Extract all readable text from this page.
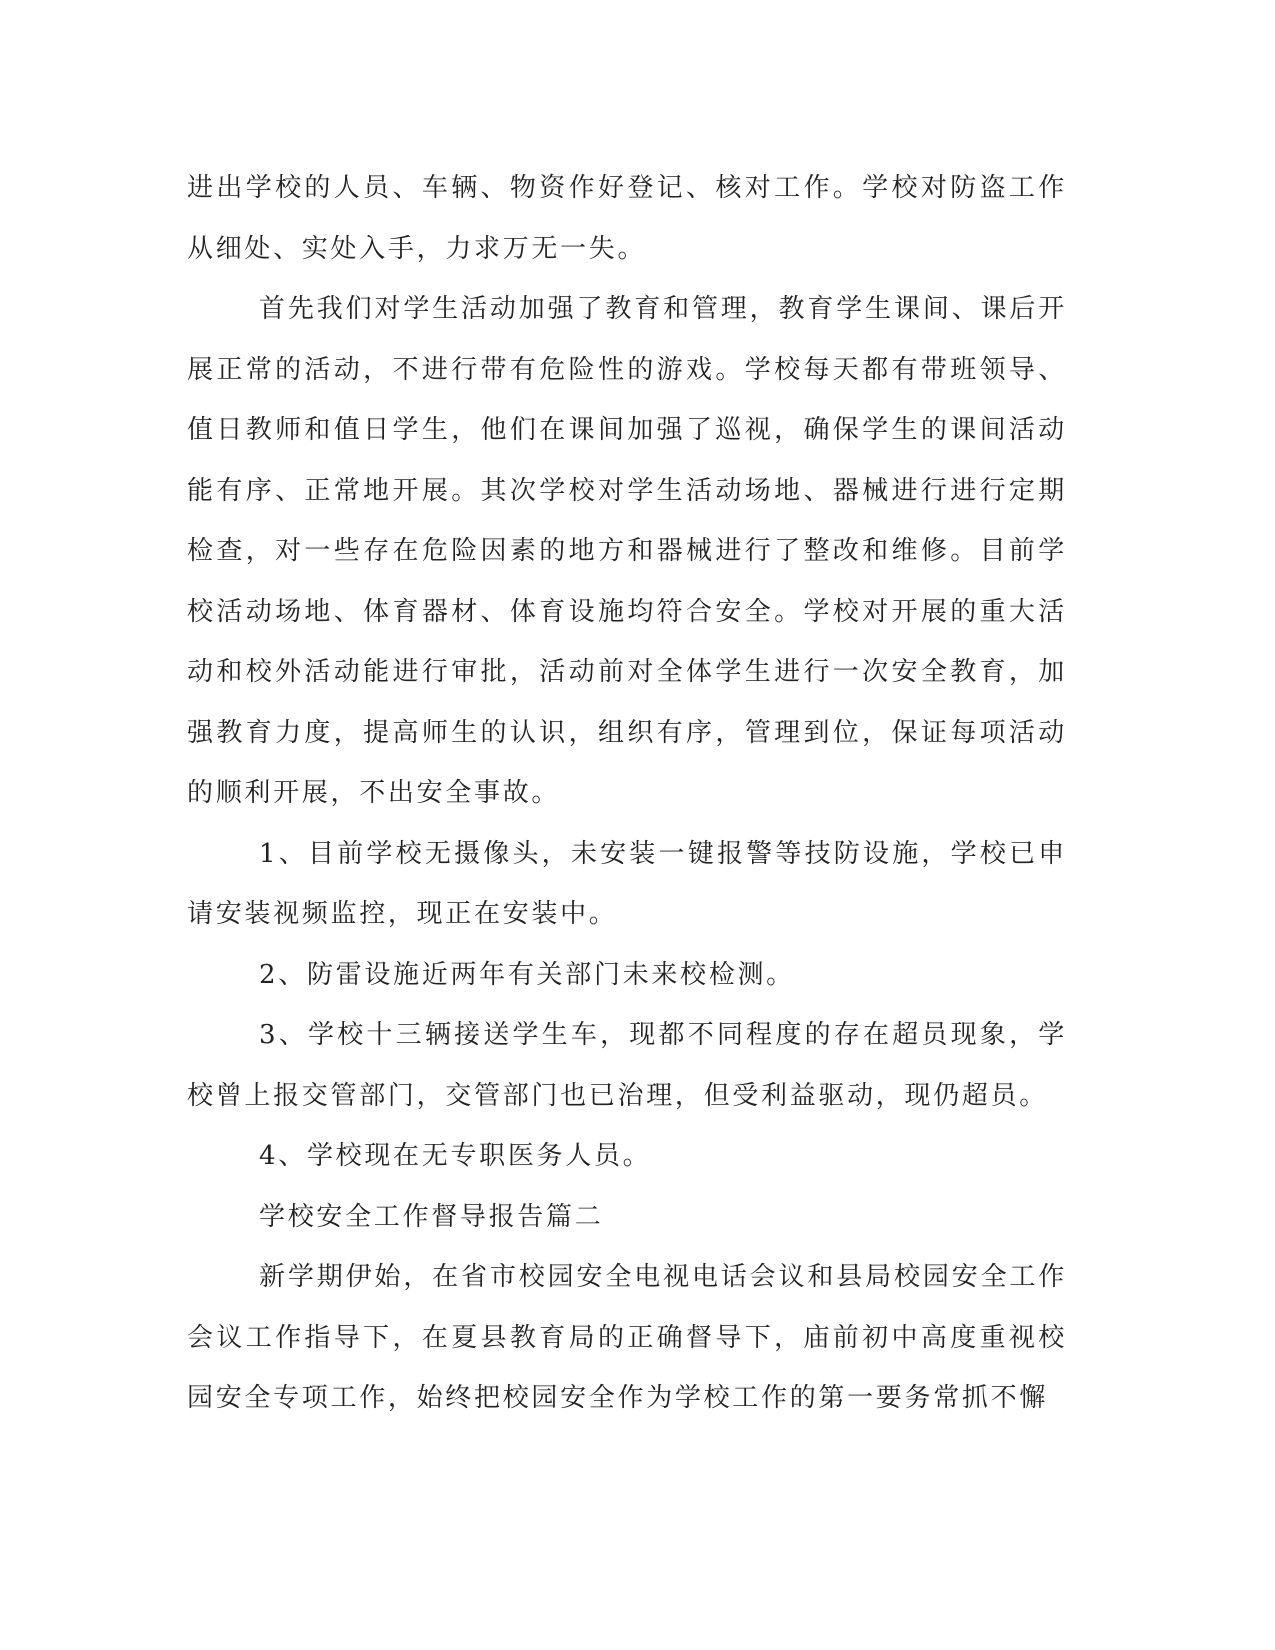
进出学校的人员、车辆、物资作好登记、核对工作。学校对防盗工作从细处、实处入手，力求万无一失。

首先我们对学生活动加强了教育和管理，教育学生课间、课后开展正常的活动，不进行带有危险性的游戏。学校每天都有带班领导、值日教师和值日学生，他们在课间加强了巡视，确保学生的课间活动能有序、正常地开展。其次学校对学生活动场地、器械进行进行定期检查，对一些存在危险因素的地方和器械进行了整改和维修。目前学校活动场地、体育器材、体育设施均符合安全。学校对开展的重大活动和校外活动能进行审批，活动前对全体学生进行一次安全教育，加强教育力度，提高师生的认识，组织有序，管理到位，保证每项活动的顺利开展，不出安全事故。

1、目前学校无摄像头，未安装一键报警等技防设施，学校已申请安装视频监控，现正在安装中。

2、防雷设施近两年有关部门未来校检测。

3、学校十三辆接送学生车，现都不同程度的存在超员现象，学校曾上报交管部门，交管部门也已治理，但受利益驱动，现仍超员。

4、学校现在无专职医务人员。

学校安全工作督导报告篇二

新学期伊始，在省市校园安全电视电话会议和县局校园安全工作会议工作指导下，在夏县教育局的正确督导下，庙前初中高度重视校园安全专项工作，始终把校园安全作为学校工作的第一要务常抓不懈
